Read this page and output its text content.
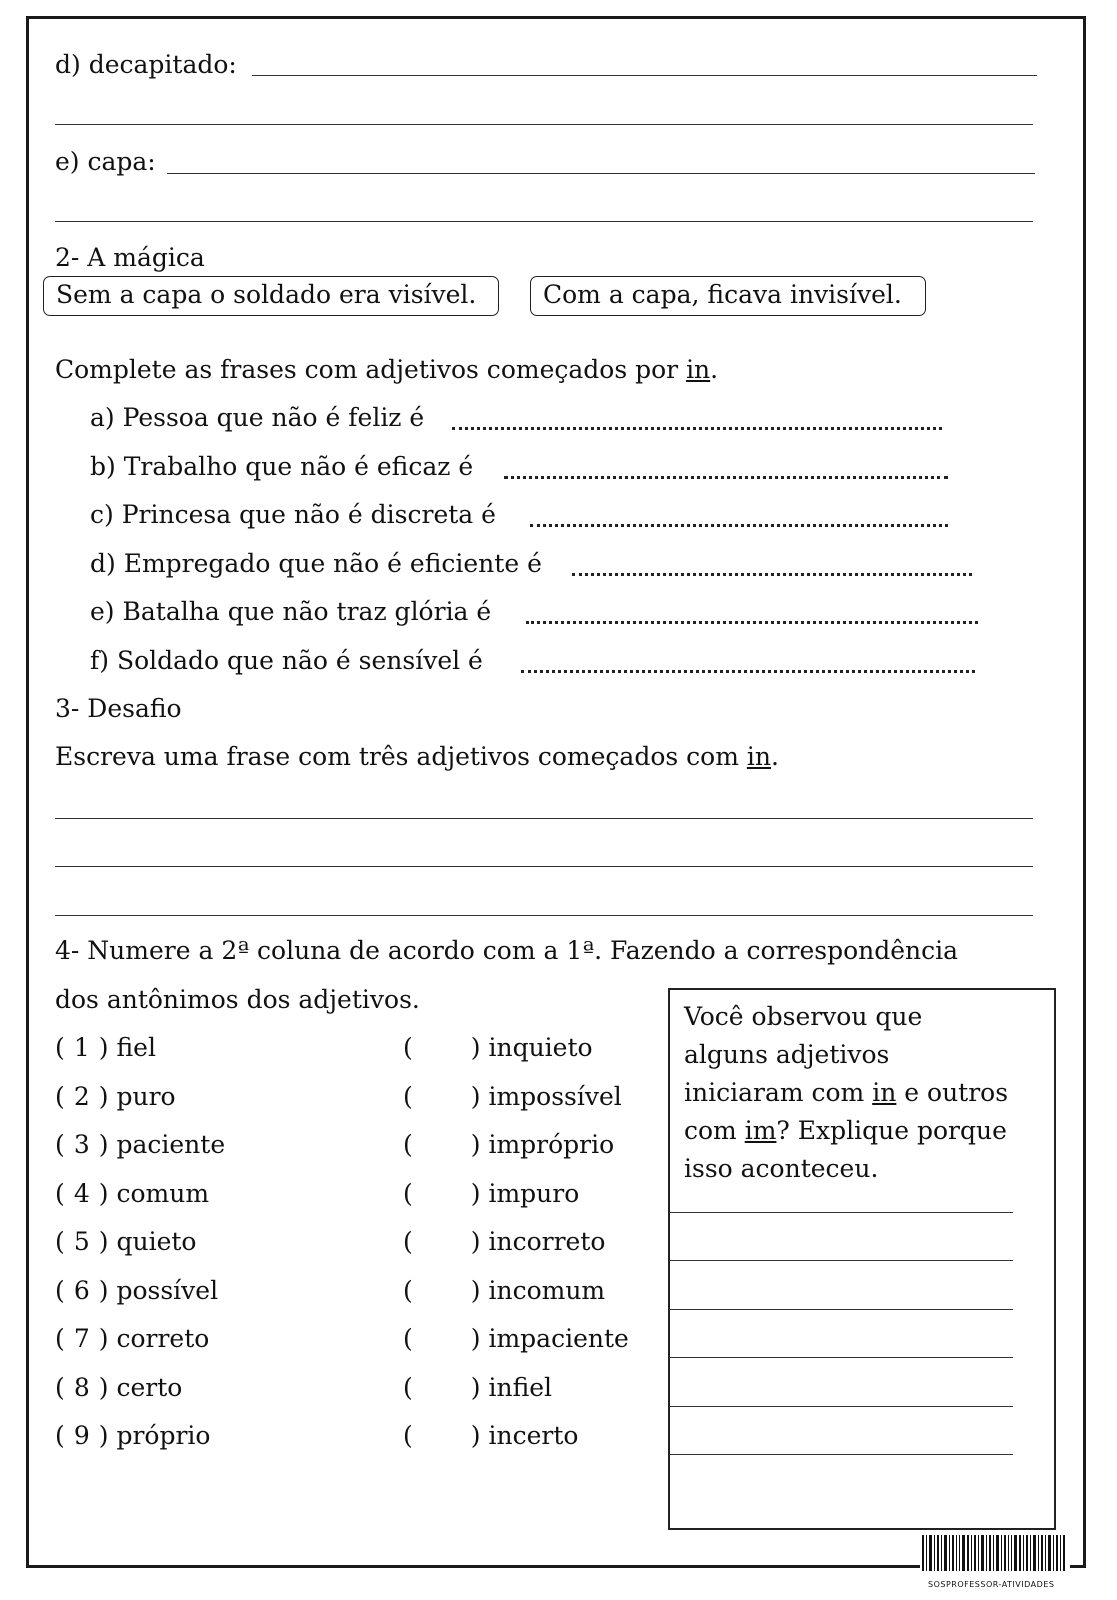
d) decapitado:
e) capa:
2- A mágica
Sem a capa o soldado era visível.	Com a capa, ficava invisível.
Complete as frases com adjetivos começados por in.
a) Pessoa que não é feliz é
b) Trabalho que não é eficaz é
c) Princesa que não é discreta é
d) Empregado que não é eficiente é
e) Batalha que não traz glória é
f) Soldado que não é sensível é
3- Desafio
Escreva uma frase com três adjetivos começados com in.
4- Numere a 2ª coluna de acordo com a 1ª. Fazendo a correspondência
dos antônimos dos adjetivos.
( 1 ) fiel
( 2 ) puro
( 3 ) paciente
( 4 ) comum
( 5 ) quieto
( 6 ) possível
( 7 ) correto
( 8 ) certo
( 9 ) próprio
( ) inquieto
( ) impossível
( ) impróprio
( ) impuro
( ) incorreto
( ) incomum
( ) impaciente
( ) infiel
( ) incerto
Você observou que
alguns adjetivos
iniciaram com in e outros
com im? Explique porque
isso aconteceu.
SOSPROFESSOR-ATIVIDADES
